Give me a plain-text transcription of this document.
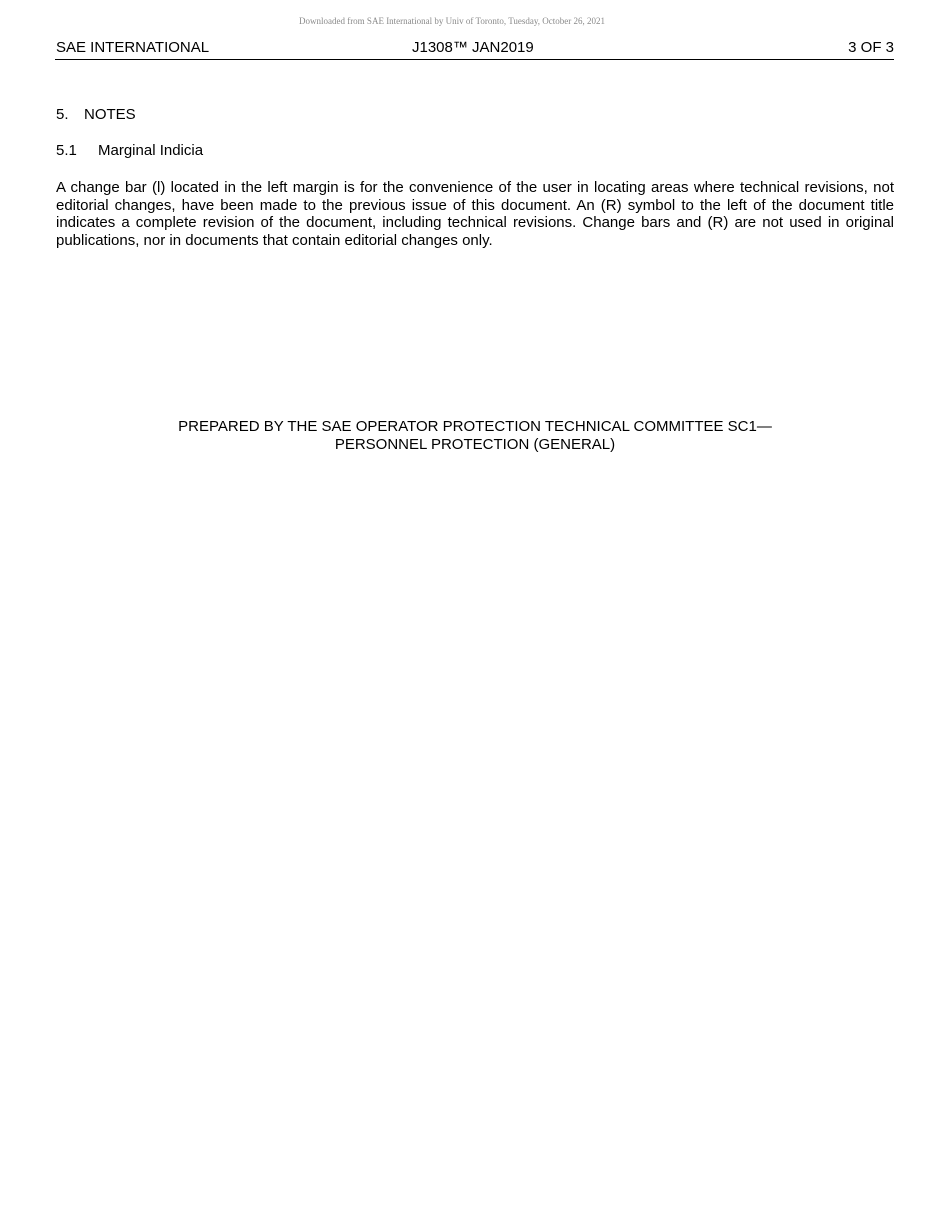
Downloaded from SAE International by Univ of Toronto, Tuesday, October 26, 2021
SAE INTERNATIONAL	J1308™ JAN2019	3 OF 3
5. NOTES
5.1 Marginal Indicia

A change bar (l) located in the left margin is for the convenience of the user in locating areas where technical revisions, not editorial changes, have been made to the previous issue of this document. An (R) symbol to the left of the document title indicates a complete revision of the document, including technical revisions. Change bars and (R) are not used in original publications, nor in documents that contain editorial changes only.

PREPARED BY THE SAE OPERATOR PROTECTION TECHNICAL COMMITTEE SC1—
PERSONNEL PROTECTION (GENERAL)
